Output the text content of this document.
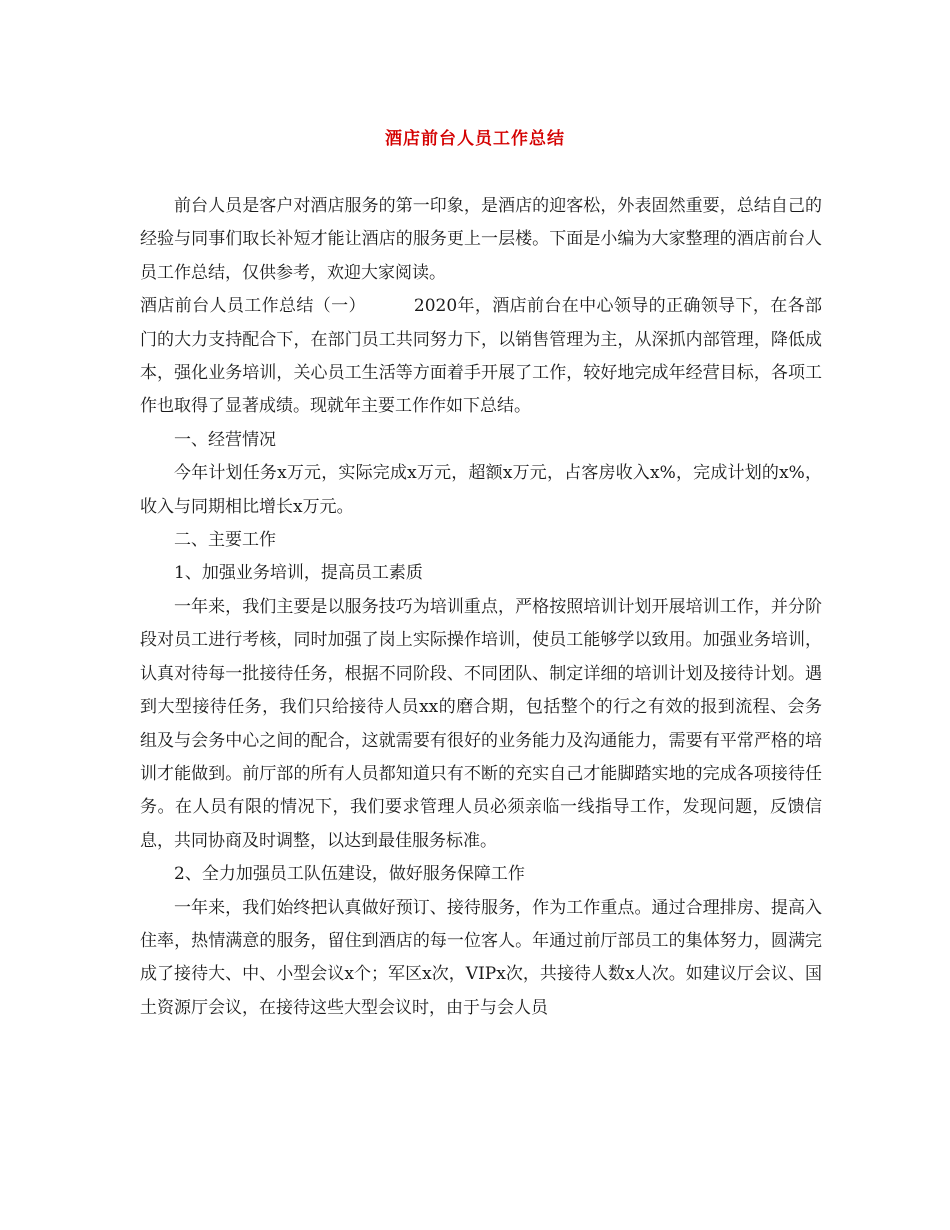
酒店前台人员工作总结

前台人员是客户对酒店服务的第一印象，是酒店的迎客松，外表固然重要，总结自己的经验与同事们取长补短才能让酒店的服务更上一层楼。下面是小编为大家整理的酒店前台人员工作总结，仅供参考，欢迎大家阅读。

酒店前台人员工作总结（一）	2020年，酒店前台在中心领导的正确领导下，在各部门的大力支持配合下，在部门员工共同努力下，以销售管理为主，从深抓内部管理，降低成本，强化业务培训，关心员工生活等方面着手开展了工作，较好地完成年经营目标，各项工作也取得了显著成绩。现就年主要工作作如下总结。

一、经营情况

今年计划任务x万元，实际完成x万元，超额x万元，占客房收入x%，完成计划的x%，收入与同期相比增长x万元。

二、主要工作

1、加强业务培训，提高员工素质

一年来，我们主要是以服务技巧为培训重点，严格按照培训计划开展培训工作，并分阶段对员工进行考核，同时加强了岗上实际操作培训，使员工能够学以致用。加强业务培训，认真对待每一批接待任务，根据不同阶段、不同团队、制定详细的培训计划及接待计划。遇到大型接待任务，我们只给接待人员xx的磨合期，包括整个的行之有效的报到流程、会务组及与会务中心之间的配合，这就需要有很好的业务能力及沟通能力，需要有平常严格的培训才能做到。前厅部的所有人员都知道只有不断的充实自己才能脚踏实地的完成各项接待任务。在人员有限的情况下，我们要求管理人员必须亲临一线指导工作，发现问题，反馈信息，共同协商及时调整，以达到最佳服务标准。

2、全力加强员工队伍建设，做好服务保障工作

一年来，我们始终把认真做好预订、接待服务，作为工作重点。通过合理排房、提高入住率，热情满意的服务，留住到酒店的每一位客人。年通过前厅部员工的集体努力，圆满完成了接待大、中、小型会议x个；军区x次，VIPx次，共接待人数x人次。如建议厅会议、国土资源厅会议，在接待这些大型会议时，由于与会人员
